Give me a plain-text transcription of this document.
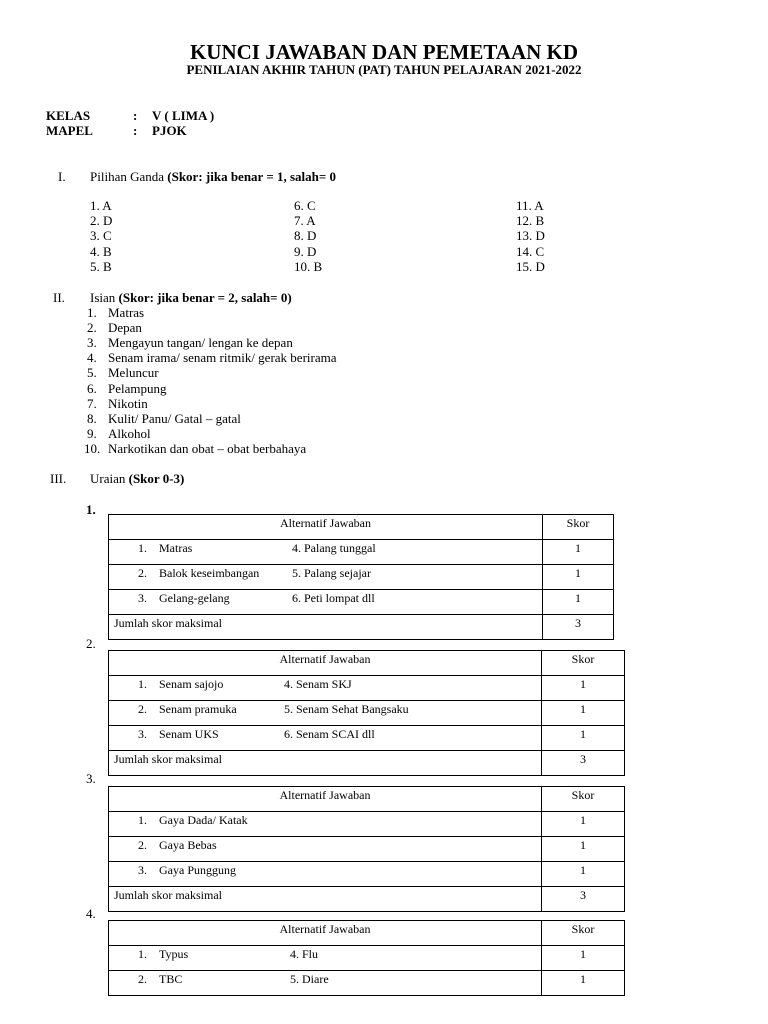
KUNCI JAWABAN DAN PEMETAAN KD
PENILAIAN AKHIR TAHUN (PAT) TAHUN PELAJARAN 2021-2022
KELAS	: V ( LIMA )
MAPEL	: PJOK
I. Pilihan Ganda (Skor: jika benar = 1, salah= 0
1. A
2. D
3. C
4. B
5. B
6. C
7. A
8. D
9. D
10. B
11. A
12. B
13. D
14. C
15. D
II. Isian (Skor: jika benar = 2, salah= 0)
1. Matras
2. Depan
3. Mengayun tangan/ lengan ke depan
4. Senam irama/ senam ritmik/ gerak berirama
5. Meluncur
6. Pelampung
7. Nikotin
8. Kulit/ Panu/ Gatal – gatal
9. Alkohol
10. Narkotikan dan obat – obat berbahaya
III. Uraian (Skor 0-3)
1.
Alternatif Jawaban	Skor

1. Matras 4. Palang tunggal	1

2. Balok keseimbangan 5. Palang sejajar	1

3. Gelang-gelang 6. Peti lompat dll	1
Jumlah skor maksimal	3
2.
Alternatif Jawaban	Skor

1. Senam sajojo 4. Senam SKJ	1

2. Senam pramuka 5. Senam Sehat Bangsaku	1

3. Senam UKS 6. Senam SCAI dll	1
Jumlah skor maksimal	3
3.
Alternatif Jawaban	Skor

1. Gaya Dada/ Katak	1

2. Gaya Bebas	1

3. Gaya Punggung	1
Jumlah skor maksimal	3
4.
Alternatif Jawaban	Skor

1. Typus 4. Flu	1

2. TBC 5. Diare	1
